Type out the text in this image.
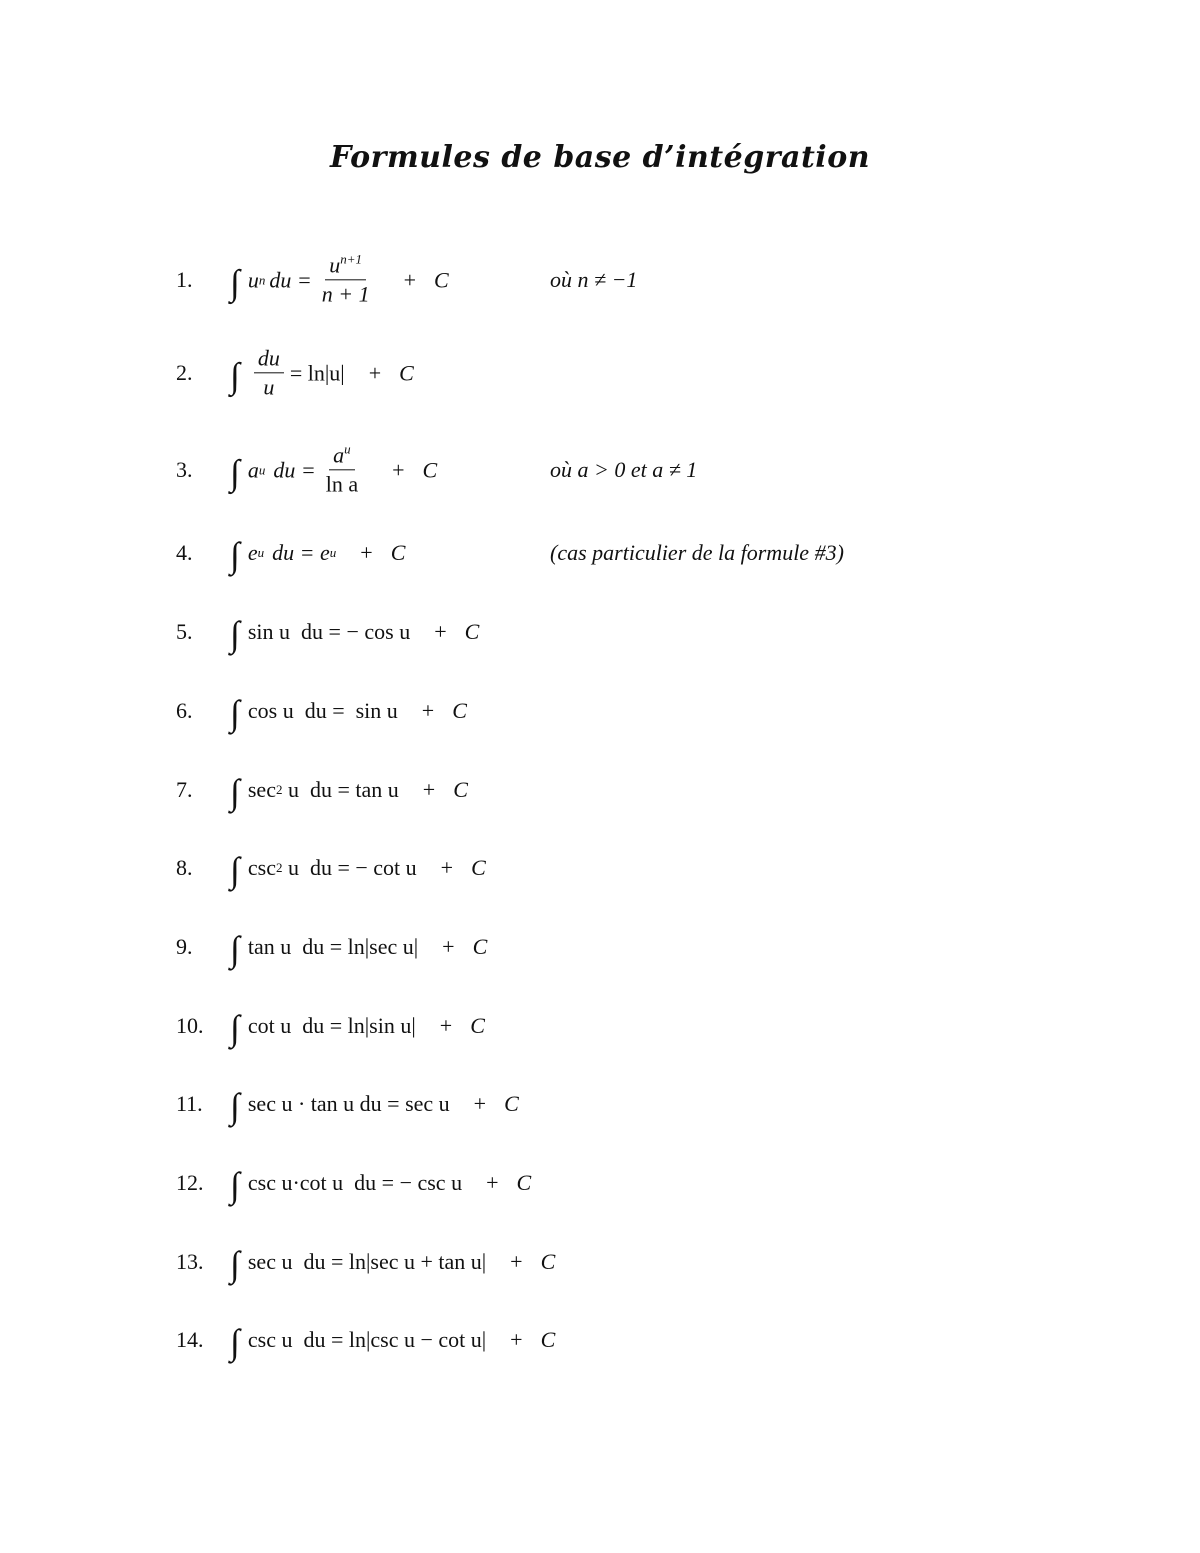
Formules de base d’intégration
1. ∫ u n du = $\frac{u^{n+1}}{n + 1} + C$	où n ≠ −1
2. ∫ $\frac{du}{u} = \ln|u| + C$
3. ∫ a u du = $\frac{a^u}{\text{ln a}} + C$	où a > 0 et a ≠ 1
4. ∫ e u du = e u + C	(cas particulier de la formule #3)
5. ∫ sin u  du = − cos u + C
6. ∫ cos u  du =  sin u + C
7. ∫ sec 2 u  du = tan u + C
8. ∫ csc 2 u  du = − cot u + C
9. ∫ tan u  du = ln|sec u| + C
10. ∫ cot u  du = ln|sin u| + C
11. ∫ sec u · tan u du = sec u + C
12. ∫ csc u·cot u  du = − csc u + C
13. ∫ sec u  du = ln|sec u + tan u| + C
14. ∫ csc u  du = ln|csc u − cot u| + C
